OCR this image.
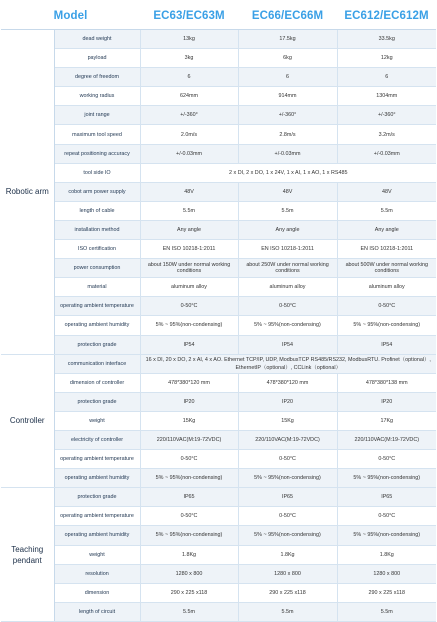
Model		EC63/EC63M	EC66/EC66M	EC612/EC612M
Robotic arm	dead weight	13kg	17.5kg	33.5kg
	payload	3kg	6kg	12kg
	degree of freedom	6	6	6
	working radius	624mm	914mm	1304mm
	joint range	+/-360°	+/-360°	+/-360°
	maximum tool speed	2.0m/s	2.8m/s	3.2m/s
	repeat positioning accuracy	+/-0.03mm	+/-0.03mm	+/-0.03mm
	tool side IO	2 x DI, 2 x DO, 1 x 24V, 1 x AI, 1 x AO, 1 x RS485		
	cobot arm power supply	48V	48V	48V
	length of cable	5.5m	5.5m	5.5m
	installation method	Any angle	Any angle	Any angle
	ISO certification	EN ISO 10218-1:2011	EN ISO 10218-1:2011	EN ISO 10218-1:2011
	power consumption	about 150W under normal working conditions	about 250W under normal working conditions	about 500W under normal working conditions
	material	aluminum alloy	aluminum alloy	aluminum alloy
	operating ambient temperature	0-50°C	0-50°C	0-50°C
	operating ambient humidity	5% ~ 95%(non-condensing)	5% ~ 95%(non-condensing)	5% ~ 95%(non-condensing)
	protection grade	IP54	IP54	IP54
Controller	communication interface	16 x DI, 20 x DO, 2 x AI, 4 x AO. Ethernet TCP/IP, UDP, ModbusTCP RS485/RS232, ModbusRTU. Profinet（optional）, EthernetIP（optional）, CCLink（optional）		
	dimension of controller	478*380*120 mm	478*380*120 mm	478*380*138 mm
	protection grade	IP20	IP20	IP20
	weight	15Kg	15Kg	17Kg
	electricity of controller	220/110VAC(M:19-72VDC)	220/110VAC(M:19-72VDC)	220/110VAC(M:19-72VDC)
	operating ambient temperature	0-50°C	0-50°C	0-50°C
	operating ambient humidity	5% ~ 95%(non-condensing)	5% ~ 95%(non-condensing)	5% ~ 95%(non-condensing)
Teaching pendant	protection grade	IP65	IP65	IP65
	operating ambient temperature	0-50°C	0-50°C	0-50°C
	operating ambient humidity	5% ~ 95%(non-condensing)	5% ~ 95%(non-condensing)	5% ~ 95%(non-condensing)
	weight	1.8Kg	1.8Kg	1.8Kg
	resolution	1280 x 800	1280 x 800	1280 x 800
	dimension	290 x 225 x118	290 x 225 x118	290 x 225 x118
	length of circuit	5.5m	5.5m	5.5m
